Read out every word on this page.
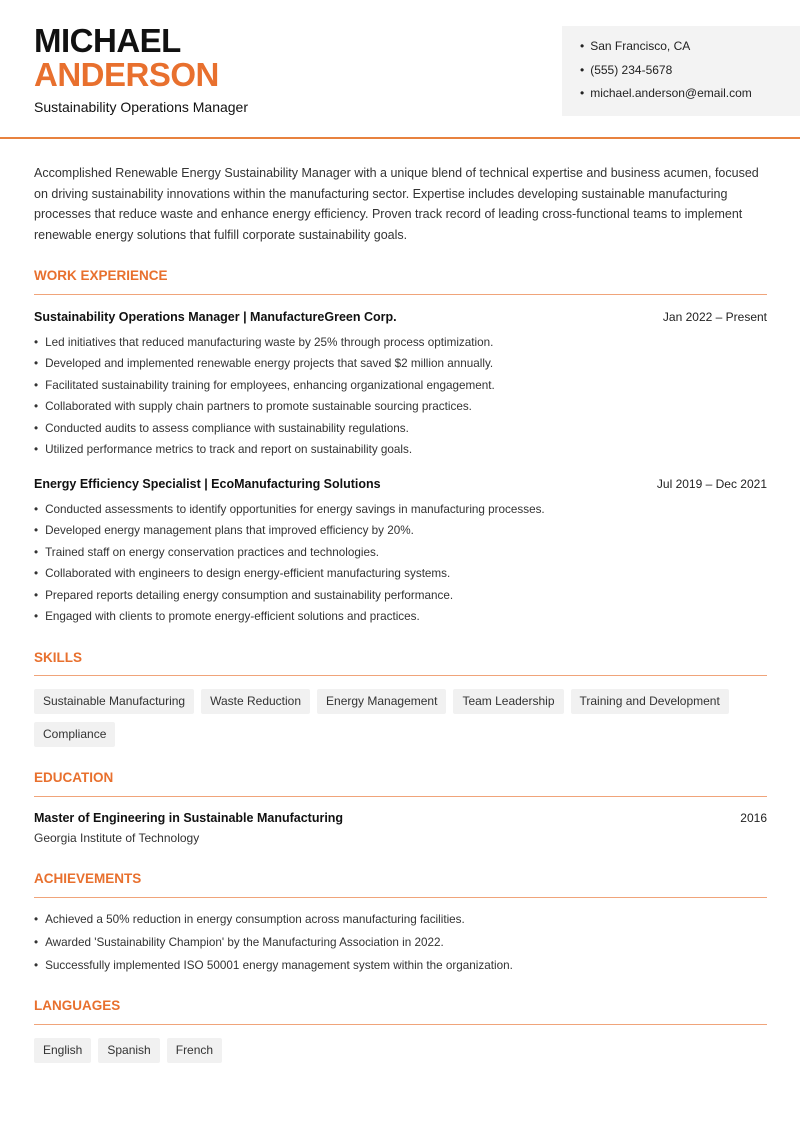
MICHAEL
ANDERSON
Sustainability Operations Manager
• San Francisco, CA
• (555) 234-5678
• michael.anderson@email.com
Accomplished Renewable Energy Sustainability Manager with a unique blend of technical expertise and business acumen, focused on driving sustainability innovations within the manufacturing sector. Expertise includes developing sustainable manufacturing processes that reduce waste and enhance energy efficiency. Proven track record of leading cross-functional teams to implement renewable energy solutions that fulfill corporate sustainability goals.
WORK EXPERIENCE
Sustainability Operations Manager | ManufactureGreen Corp.	Jan 2022 – Present
• Led initiatives that reduced manufacturing waste by 25% through process optimization.
• Developed and implemented renewable energy projects that saved $2 million annually.
• Facilitated sustainability training for employees, enhancing organizational engagement.
• Collaborated with supply chain partners to promote sustainable sourcing practices.
• Conducted audits to assess compliance with sustainability regulations.
• Utilized performance metrics to track and report on sustainability goals.
Energy Efficiency Specialist | EcoManufacturing Solutions	Jul 2019 – Dec 2021
• Conducted assessments to identify opportunities for energy savings in manufacturing processes.
• Developed energy management plans that improved efficiency by 20%.
• Trained staff on energy conservation practices and technologies.
• Collaborated with engineers to design energy-efficient manufacturing systems.
• Prepared reports detailing energy consumption and sustainability performance.
• Engaged with clients to promote energy-efficient solutions and practices.
SKILLS
Sustainable Manufacturing	Waste Reduction	Energy Management	Team Leadership	Training and Development
Compliance
EDUCATION
Master of Engineering in Sustainable Manufacturing	2016
Georgia Institute of Technology
ACHIEVEMENTS
• Achieved a 50% reduction in energy consumption across manufacturing facilities.
• Awarded 'Sustainability Champion' by the Manufacturing Association in 2022.
• Successfully implemented ISO 50001 energy management system within the organization.
LANGUAGES
English	Spanish	French
